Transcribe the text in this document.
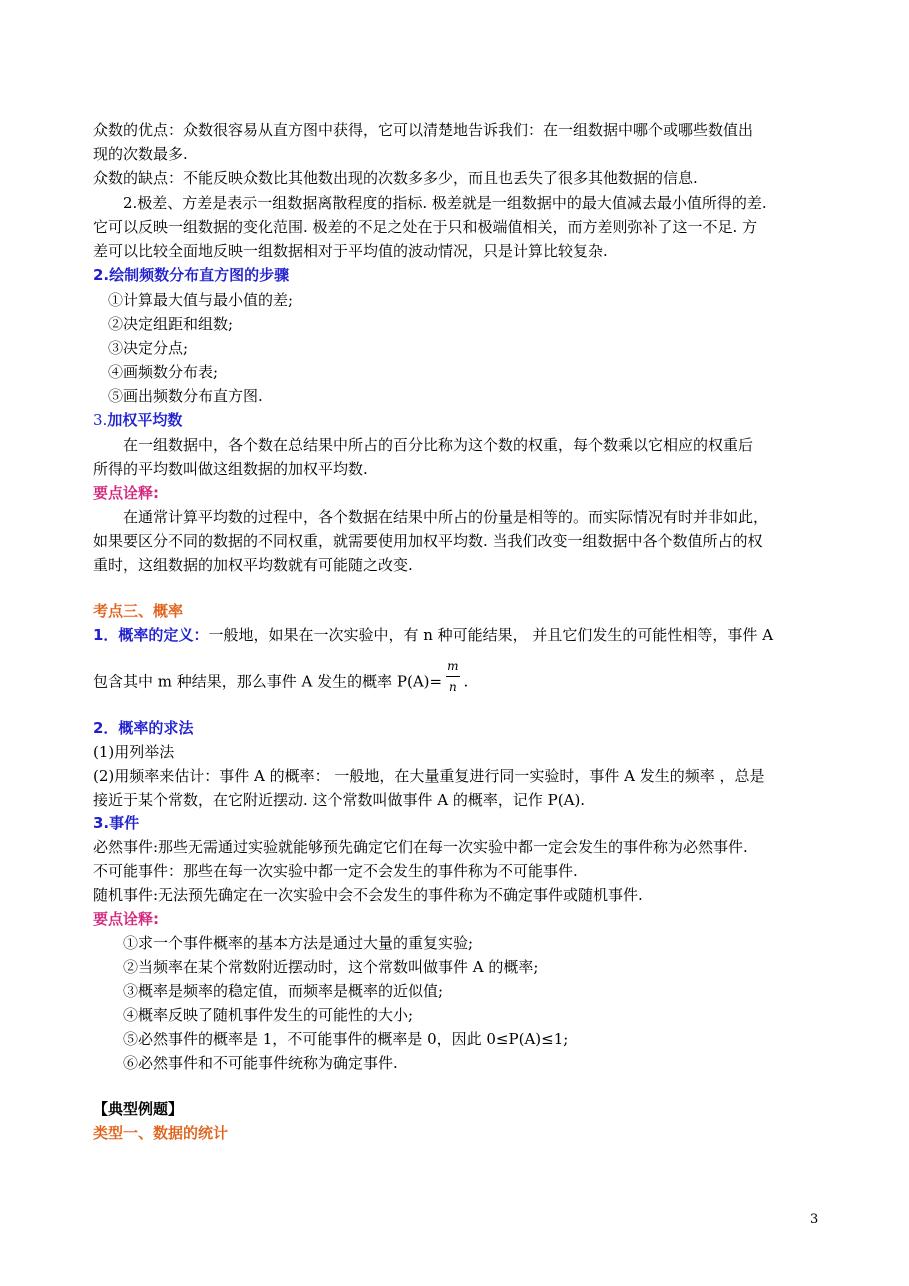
众数的优点：众数很容易从直方图中获得，它可以清楚地告诉我们：在一组数据中哪个或哪些数值出
现的次数最多.
众数的缺点：不能反映众数比其他数出现的次数多多少，而且也丢失了很多其他数据的信息.
2.极差、方差是表示一组数据离散程度的指标. 极差就是一组数据中的最大值减去最小值所得的差.
它可以反映一组数据的变化范围. 极差的不足之处在于只和极端值相关，而方差则弥补了这一不足. 方
差可以比较全面地反映一组数据相对于平均值的波动情况，只是计算比较复杂.
2.绘制频数分布直方图的步骤
①计算最大值与最小值的差;
②决定组距和组数;
③决定分点;
④画频数分布表;
⑤画出频数分布直方图.
3.加权平均数
在一组数据中，各个数在总结果中所占的百分比称为这个数的权重，每个数乘以它相应的权重后
所得的平均数叫做这组数据的加权平均数.
要点诠释:
在通常计算平均数的过程中，各个数据在结果中所占的份量是相等的。而实际情况有时并非如此，
如果要区分不同的数据的不同权重，就需要使用加权平均数. 当我们改变一组数据中各个数值所占的权
重时，这组数据的加权平均数就有可能随之改变.
考点三、概率
1．概率的定义：一般地，如果在一次实验中，有 n 种可能结果， 并且它们发生的可能性相等，事件 A
包含其中 m 种结果，那么事件 A 发生的概率 $P(A)= \frac{m}{n}$ .
2．概率的求法
(1)用列举法
(2)用频率来估计：事件 A 的概率： 一般地，在大量重复进行同一实验时，事件 A 发生的频率 ，总是
接近于某个常数，在它附近摆动. 这个常数叫做事件 A 的概率，记作 P(A).
3.事件
必然事件:那些无需通过实验就能够预先确定它们在每一次实验中都一定会发生的事件称为必然事件.
不可能事件：那些在每一次实验中都一定不会发生的事件称为不可能事件.
随机事件:无法预先确定在一次实验中会不会发生的事件称为不确定事件或随机事件.
要点诠释:
①求一个事件概率的基本方法是通过大量的重复实验;
②当频率在某个常数附近摆动时，这个常数叫做事件 A 的概率;
③概率是频率的稳定值，而频率是概率的近似值;
④概率反映了随机事件发生的可能性的大小;
⑤必然事件的概率是 1，不可能事件的概率是 0，因此 0≤P(A)≤1;
⑥必然事件和不可能事件统称为确定事件.
【典型例题】
类型一、数据的统计
3
